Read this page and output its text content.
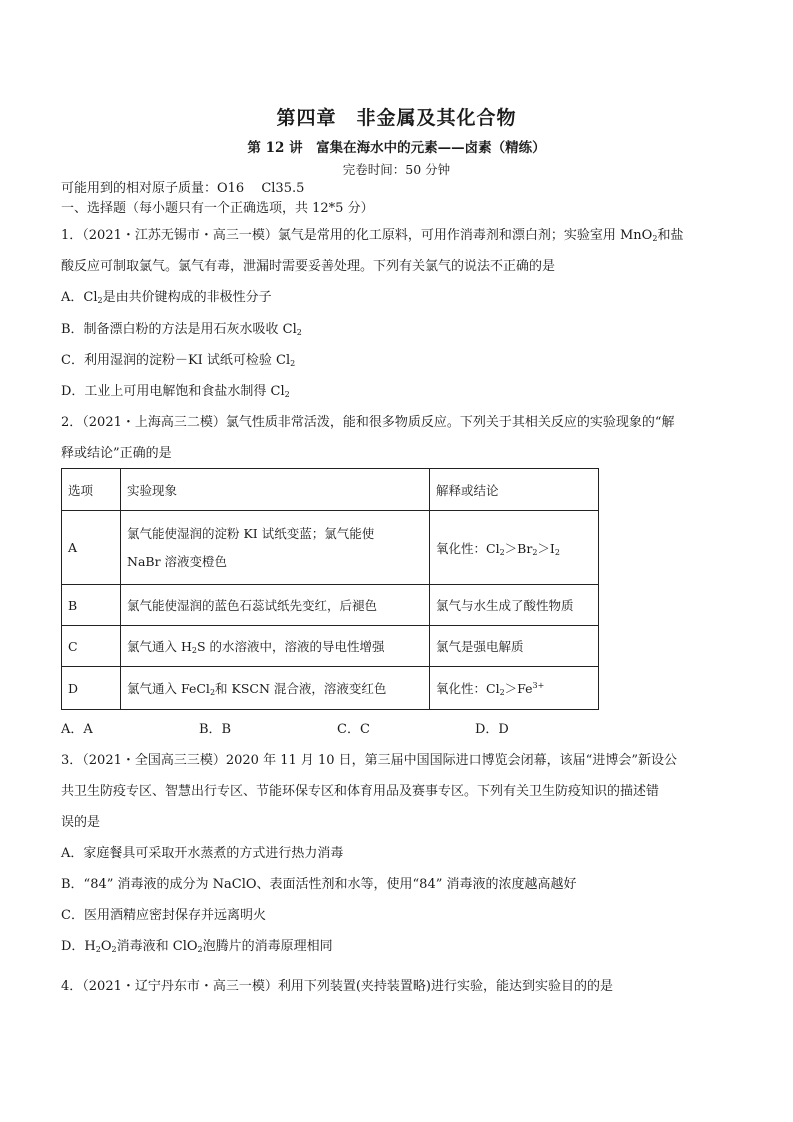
第四章　非金属及其化合物
第 12 讲　富集在海水中的元素——卤素（精练）
完卷时间：50 分钟
可能用到的相对原子质量：O16　 Cl35.5
一、选择题（每小题只有一个正确选项，共 12*5 分）
1．（2021・江苏无锡市・高三一模）氯气是常用的化工原料，可用作消毒剂和漂白剂；实验室用 MnO$_2$和盐
酸反应可制取氯气。氯气有毒，泄漏时需要妥善处理。下列有关氯气的说法不正确的是
A．$Cl_2$是由共价键构成的非极性分子
B．制备漂白粉的方法是用石灰水吸收 $Cl_2$
C．利用湿润的淀粉－KI 试纸可检验 $Cl_2$
D．工业上可用电解饱和食盐水制得 $Cl_2$
2．（2021・上海高三二模）氯气性质非常活泼，能和很多物质反应。下列关于其相关反应的实验现象的“解
释或结论”正确的是
选项	实验现象	解释或结论
A	氯气能使湿润的淀粉 KI 试纸变蓝；氯气能使
NaBr 溶液变橙色	氧化性：$Cl_2>Br_2>I_2$
B	氯气能使湿润的蓝色石蕊试纸先变红，后褪色	氯气与水生成了酸性物质
C	氯气通入 $H_2S$ 的水溶液中，溶液的导电性增强	氯气是强电解质
D	氯气通入 FeCl$_2$和 KSCN 混合液，溶液变红色	氧化性：$Cl_2>Fe^{3+}$
A．A	B．B	C．C	D．D
3．（2021・全国高三三模）2020 年 11 月 10 日，第三届中国国际进口博览会闭幕，该届“进博会”新设公
共卫生防疫专区、智慧出行专区、节能环保专区和体育用品及赛事专区。下列有关卫生防疫知识的描述错
误的是
A．家庭餐具可采取开水蒸煮的方式进行热力消毒
B．“84” 消毒液的成分为 NaClO、表面活性剂和水等，使用“84” 消毒液的浓度越高越好
C．医用酒精应密封保存并远离明火
D．$H_2O_2$消毒液和 ClO$_2$泡腾片的消毒原理相同
4．（2021・辽宁丹东市・高三一模）利用下列装置(夹持装置略)进行实验，能达到实验目的的是
